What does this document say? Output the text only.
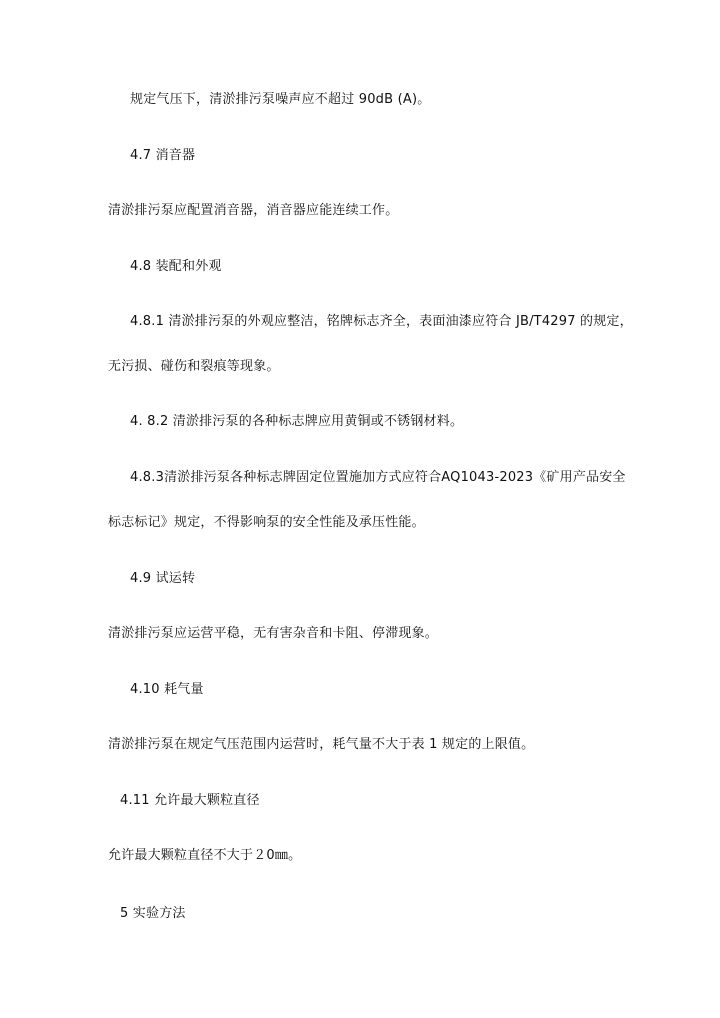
规定气压下，清淤排污泵噪声应不超过 90dB (A)。
4.7 消音器
清淤排污泵应配置消音器，消音器应能连续工作。
4.8 装配和外观
4.8.1 清淤排污泵的外观应整洁，铭牌标志齐全，表面油漆应符合 JB/T4297 的规定，
无污损、碰伤和裂痕等现象。
4. 8.2 清淤排污泵的各种标志牌应用黄铜或不锈钢材料。
4.8.3清淤排污泵各种标志牌固定位置施加方式应符合AQ1043-2023《矿用产品安全
标志标记》规定，不得影响泵的安全性能及承压性能。
4.9 试运转
清淤排污泵应运营平稳，无有害杂音和卡阻、停滞现象。
4.10 耗气量
清淤排污泵在规定气压范围内运营时，耗气量不大于表 1 规定的上限值。
4.11 允许最大颗粒直径
允许最大颗粒直径不大于２0㎜。
5 实验方法
